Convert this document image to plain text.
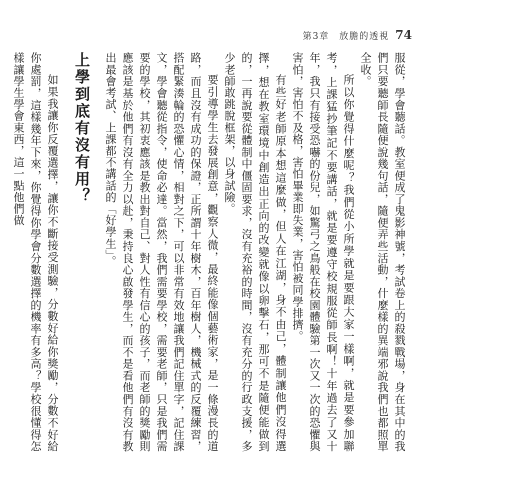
第3章　放膽的透視 74

服從，學會聽話。教室便成了鬼影神號，考試卷上的殺戮戰場，身在其中的我們只要聽師長隨便說幾句話，隨便弄些活動，什麼樣的異端邪說我們也都照單全收。

所以你覺得什麼呢？我們從小所學就是要跟大家一樣啊，就是要參加聯考，上課猛抄筆記不要講話，就是要遵守校規服從師長啊！十年過去了又十年，我只有接受恐嚇的份兒，如驚弓之鳥般在校園體驗第一次又一次的恐懼與害怕，害怕不及格，害怕畢業即失業，害怕被同學排擠。

有些好老師原本想這麼做，但人在江湖，身不由己，體制讓他們沒得選擇，想在教室環境中創造出正向的改變就像以卵擊石，那可不是隨便能做到的，一再說要從體制中僵固要求，沒有充裕的時間，沒有充分的行政支援，多少老師敢跳脫框架，以身試險。

要引導學生去發展創意，觀察人微，最終能像個藝術家，是一條漫長的道路，而且沒有成功的保證，正所謂十年樹木，百年樹人，機械式的反覆練習，搭配緊湊輪的恐懼心情，相對之下，可以非常有效地讓我們記住單字，記住課文，學會聽從指令，使命必達。當然，我們需要學校，需要老師，只是我們需要的學校，其初衷應該是教出對自己、對人性有信心的孩子，而老師的獎勵則應該是基於他們有沒有全力以赴，秉持良心啟發學生，而不是看他們有沒有教出最會考試、上課都不講話的「好學生」。

上學到底有沒有用？

如果我讓你反覆選擇，讓你不斷接受測驗，分數好給你獎勵，分數不好給你處罰，這樣幾年下來，你覺得你學會分數選擇的機率有多高？學校很懂得怎樣讓學生學會東西，這一點他們做
